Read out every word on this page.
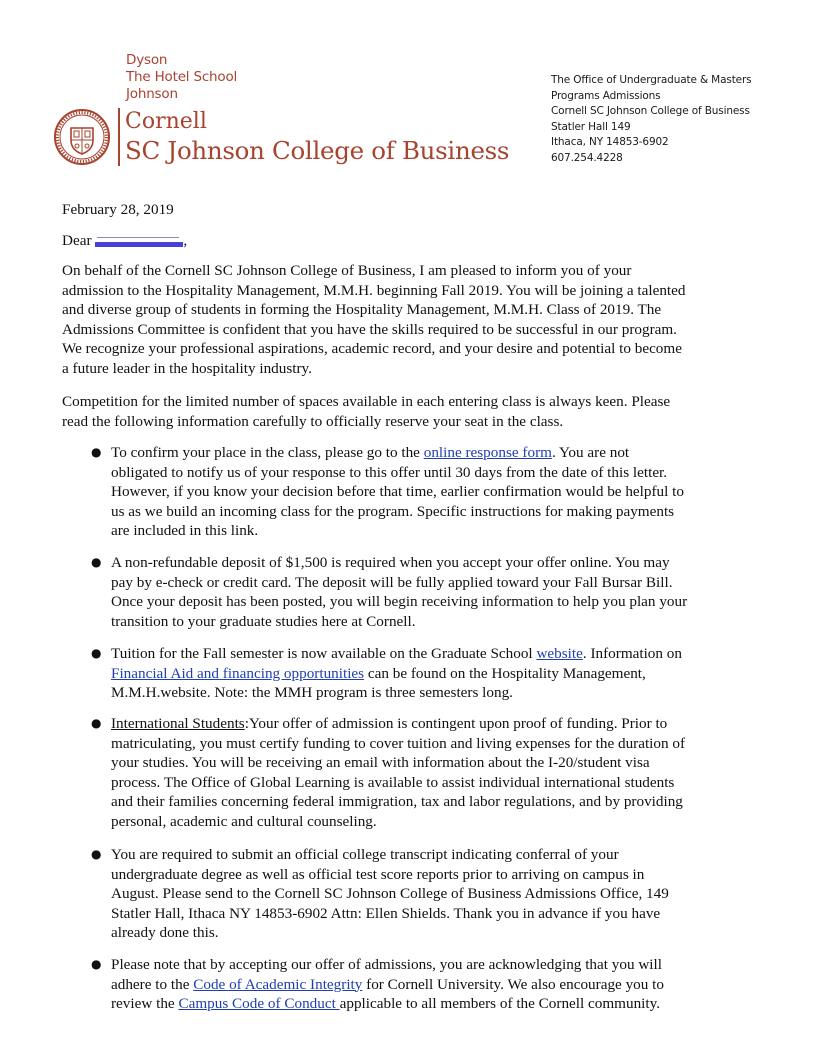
Dyson
The Hotel School
Johnson
Cornell
SC Johnson College of Business
The Office of Undergraduate & Masters
Programs Admissions
Cornell SC Johnson College of Business
Statler Hall 149
Ithaca, NY 14853-6902
607.254.4228
February 28, 2019
Dear	,
On behalf of the Cornell SC Johnson College of Business, I am pleased to inform you of your
admission to the Hospitality Management, M.M.H. beginning Fall 2019. You will be joining a talented
and diverse group of students in forming the Hospitality Management, M.M.H. Class of 2019. The
Admissions Committee is confident that you have the skills required to be successful in our program.
We recognize your professional aspirations, academic record, and your desire and potential to become
a future leader in the hospitality industry.
Competition for the limited number of spaces available in each entering class is always keen. Please
read the following information carefully to officially reserve your seat in the class.
● To confirm your place in the class, please go to the online response form. You are not
obligated to notify us of your response to this offer until 30 days from the date of this letter.
However, if you know your decision before that time, earlier confirmation would be helpful to
us as we build an incoming class for the program. Specific instructions for making payments
are included in this link.
● A non-refundable deposit of $1,500 is required when you accept your offer online. You may
pay by e-check or credit card. The deposit will be fully applied toward your Fall Bursar Bill.
Once your deposit has been posted, you will begin receiving information to help you plan your
transition to your graduate studies here at Cornell.
● Tuition for the Fall semester is now available on the Graduate School website. Information on
Financial Aid and financing opportunities can be found on the Hospitality Management,
M.M.H.website. Note: the MMH program is three semesters long.
● International Students:Your offer of admission is contingent upon proof of funding. Prior to
matriculating, you must certify funding to cover tuition and living expenses for the duration of
your studies. You will be receiving an email with information about the I-20/student visa
process. The Office of Global Learning is available to assist individual international students
and their families concerning federal immigration, tax and labor regulations, and by providing
personal, academic and cultural counseling.
● You are required to submit an official college transcript indicating conferral of your
undergraduate degree as well as official test score reports prior to arriving on campus in
August. Please send to the Cornell SC Johnson College of Business Admissions Office, 149
Statler Hall, Ithaca NY 14853-6902 Attn: Ellen Shields. Thank you in advance if you have
already done this.
● Please note that by accepting our offer of admissions, you are acknowledging that you will
adhere to the Code of Academic Integrity for Cornell University. We also encourage you to
review the Campus Code of Conduct applicable to all members of the Cornell community.
